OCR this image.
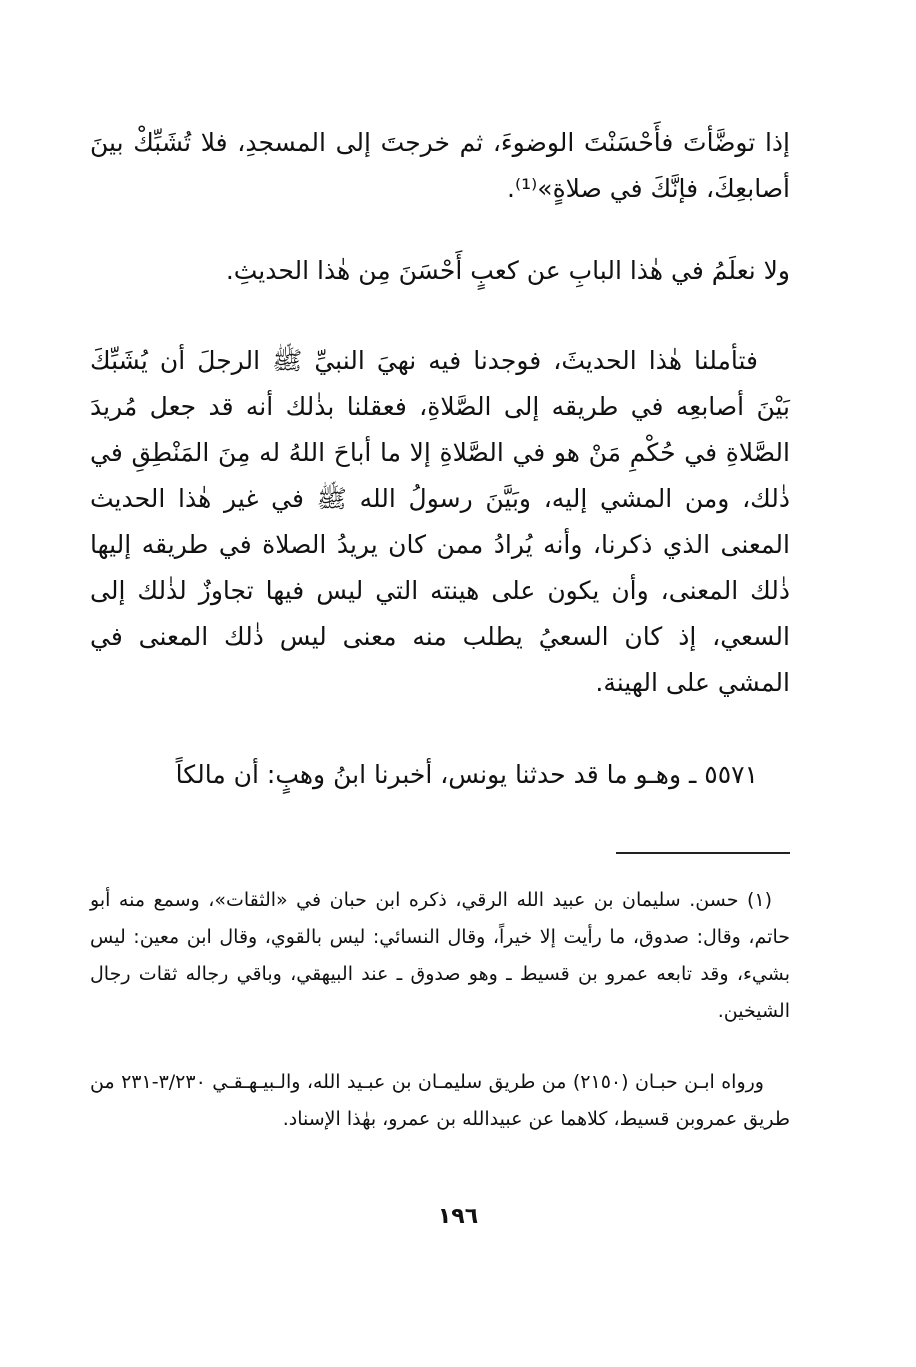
إذا توضَّأتَ فأَحْسَنْتَ الوضوءَ، ثم خرجتَ إلى المسجدِ، فلا تُشَبِّكْ بينَ أصابعِكَ، فإنَّكَ في صلاةٍ»⁽¹⁾.

ولا نعلَمُ في هٰذا البابِ عن كعبٍ أَحْسَنَ مِن هٰذا الحديثِ.

فتأملنا هٰذا الحديثَ، فوجدنا فيه نهيَ النبيِّ ﷺ الرجلَ أن يُشَبِّكَ بَيْنَ أصابعِه في طريقه إلى الصَّلاةِ، فعقلنا بذٰلك أنه قد جعل مُريدَ الصَّلاةِ في حُكْمِ مَنْ هو في الصَّلاةِ إلا ما أباحَ اللهُ له مِنَ المَنْطِقِ في ذٰلك، ومن المشي إليه، وبَيَّنَ رسولُ الله ﷺ في غير هٰذا الحديث المعنى الذي ذكرنا، وأنه يُرادُ ممن كان يريدُ الصلاة في طريقه إليها ذٰلك المعنى، وأن يكون على هينته التي ليس فيها تجاوزٌ لذٰلك إلى السعي، إذ كان السعيُ يطلب منه معنى ليس ذٰلك المعنى في المشي على الهينة.

٥٥٧١ ـ وهـو ما قد حدثنا يونس، أخبرنا ابنُ وهبٍ: أن مالكاً

(١) حسن. سليمان بن عبيد الله الرقي، ذكره ابن حبان في «الثقات»، وسمع منه أبو حاتم، وقال: صدوق، ما رأيت إلا خيراً، وقال النسائي: ليس بالقوي، وقال ابن معين: ليس بشيء، وقد تابعه عمرو بن قسيط ـ وهو صدوق ـ عند البيهقي، وباقي رجاله ثقات رجال الشيخين.

ورواه ابـن حبـان (٢١٥٠) من طريق سليمـان بن عبـيد الله، والـبيـهـقـي ٣/٢٣٠-٢٣١ من طريق عمروبن قسيط، كلاهما عن عبيدالله بن عمرو، بهٰذا الإسناد.

١٩٦
